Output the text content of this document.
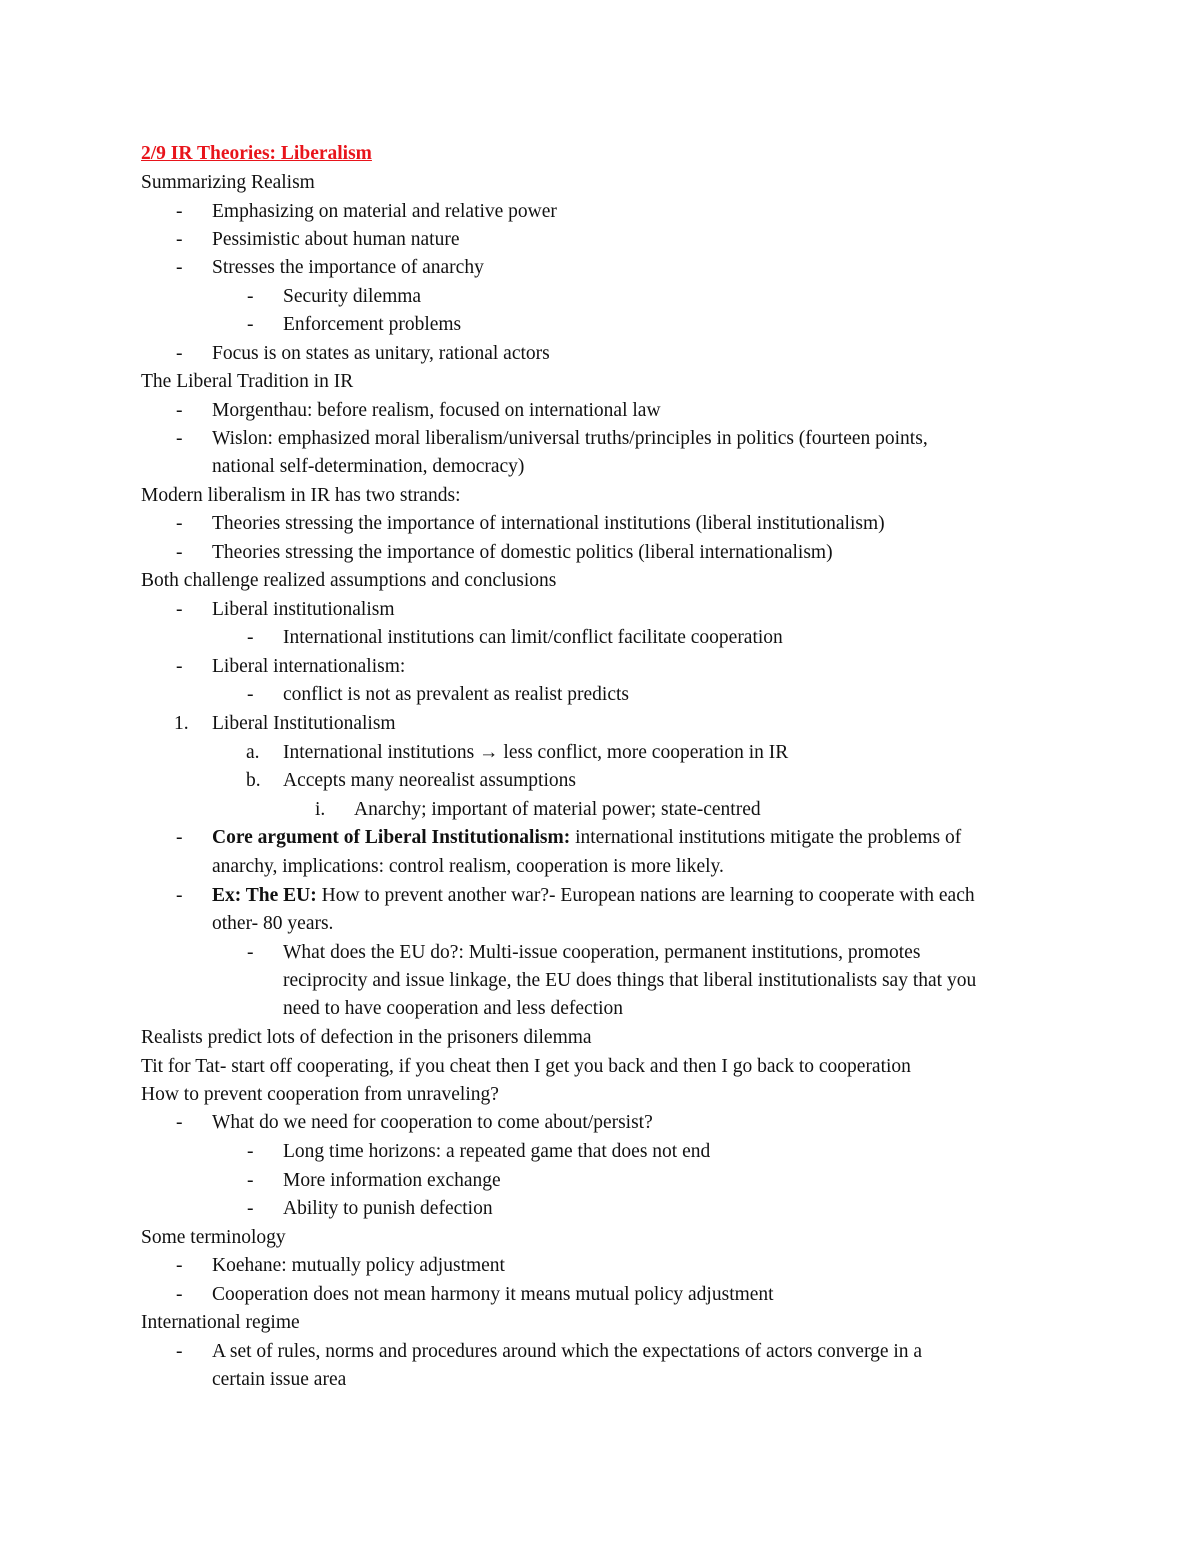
2/9 IR Theories: Liberalism
Summarizing Realism
- Emphasizing on material and relative power
- Pessimistic about human nature
- Stresses the importance of anarchy
- Security dilemma
- Enforcement problems
- Focus is on states as unitary, rational actors
The Liberal Tradition in IR
- Morgenthau: before realism, focused on international law
- Wislon: emphasized moral liberalism/universal truths/principles in politics (fourteen points,
national self-determination, democracy)
Modern liberalism in IR has two strands:
- Theories stressing the importance of international institutions (liberal institutionalism)
- Theories stressing the importance of domestic politics (liberal internationalism)
Both challenge realized assumptions and conclusions
- Liberal institutionalism
- International institutions can limit/conflict facilitate cooperation
- Liberal internationalism:
- conflict is not as prevalent as realist predicts
1. Liberal Institutionalism
a. International institutions → less conflict, more cooperation in IR
b. Accepts many neorealist assumptions
i. Anarchy; important of material power; state-centred
- Core argument of Liberal Institutionalism: international institutions mitigate the problems of
anarchy, implications: control realism, cooperation is more likely.
- Ex: The EU: How to prevent another war?- European nations are learning to cooperate with each
other- 80 years.
- What does the EU do?: Multi-issue cooperation, permanent institutions, promotes
reciprocity and issue linkage, the EU does things that liberal institutionalists say that you
need to have cooperation and less defection
Realists predict lots of defection in the prisoners dilemma
Tit for Tat- start off cooperating, if you cheat then I get you back and then I go back to cooperation
How to prevent cooperation from unraveling?
- What do we need for cooperation to come about/persist?
- Long time horizons: a repeated game that does not end
- More information exchange
- Ability to punish defection
Some terminology
- Koehane: mutually policy adjustment
- Cooperation does not mean harmony it means mutual policy adjustment
International regime
- A set of rules, norms and procedures around which the expectations of actors converge in a
certain issue area
